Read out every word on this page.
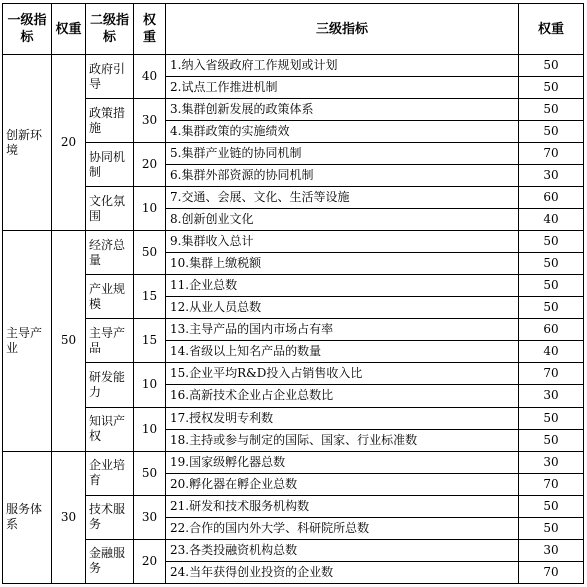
一级指标	权重	二级指标	权重	三级指标	权重
创新环境	20	政府引导	40	1.纳入省级政府工作规划或计划	50
				2.试点工作推进机制	50
		政策措施	30	3.集群创新发展的政策体系	50
				4.集群政策的实施绩效	50
		协同机制	20	5.集群产业链的协同机制	70
				6.集群外部资源的协同机制	30
		文化氛围	10	7.交通、会展、文化、生活等设施	60
				8.创新创业文化	40
主导产业	50	经济总量	50	9.集群收入总计	50
				10.集群上缴税额	50
		产业规模	15	11.企业总数	50
				12.从业人员总数	50
		主导产品	15	13.主导产品的国内市场占有率	60
				14.省级以上知名产品的数量	40
		研发能力	10	15.企业平均R&D投入占销售收入比	70
				16.高新技术企业占企业总数比	30
		知识产权	10	17.授权发明专利数	50
				18.主持或参与制定的国际、国家、行业标准数	50
服务体系	30	企业培育	50	19.国家级孵化器总数	30
				20.孵化器在孵企业总数	70
		技术服务	30	21.研发和技术服务机构数	50
				22.合作的国内外大学、科研院所总数	50
		金融服务	20	23.各类投融资机构总数	30
				24.当年获得创业投资的企业数	70
